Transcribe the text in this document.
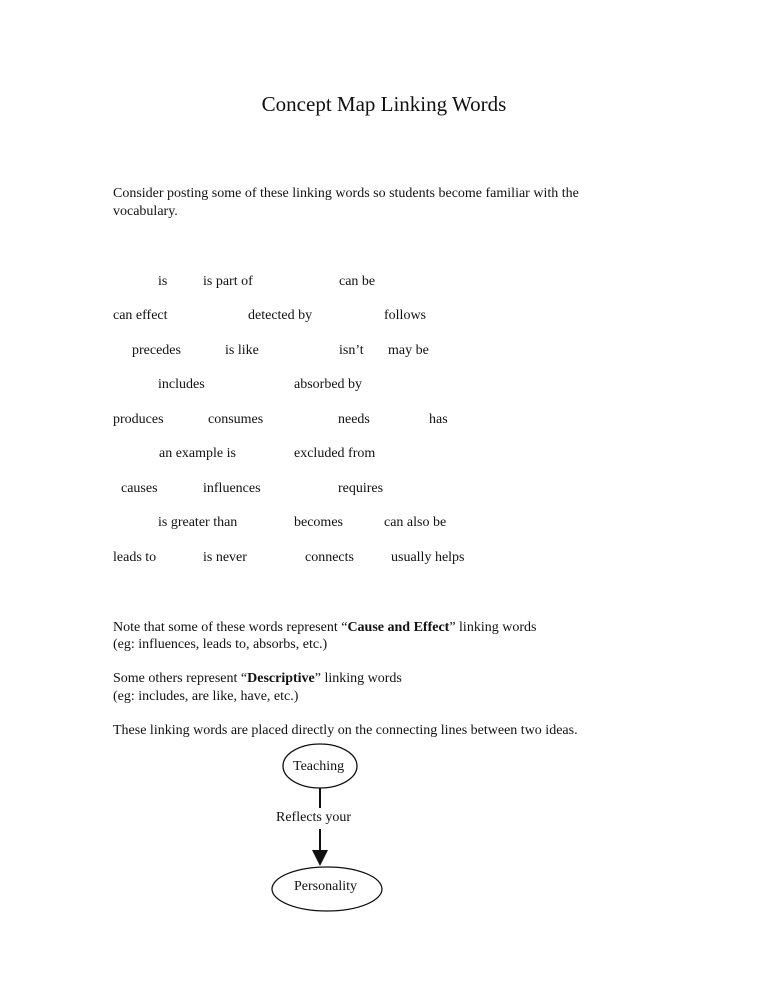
Concept Map Linking Words
Consider posting some of these linking words so students become familiar with the
vocabulary.
is	is part of	can be
can effect	detected by	follows
precedes	is like	isn’t may be
includes	absorbed by
produces	consumes	needs	has
an example is	excluded from
causes	influences	requires
is greater than	becomes	can also be
leads to	is never	connects	usually helps
Note that some of these words represent “Cause and Effect” linking words
(eg: influences, leads to, absorbs, etc.)
Some others represent “Descriptive” linking words
(eg: includes, are like, have, etc.)
These linking words are placed directly on the connecting lines between two ideas.
Teaching
Reflects your
Personality
